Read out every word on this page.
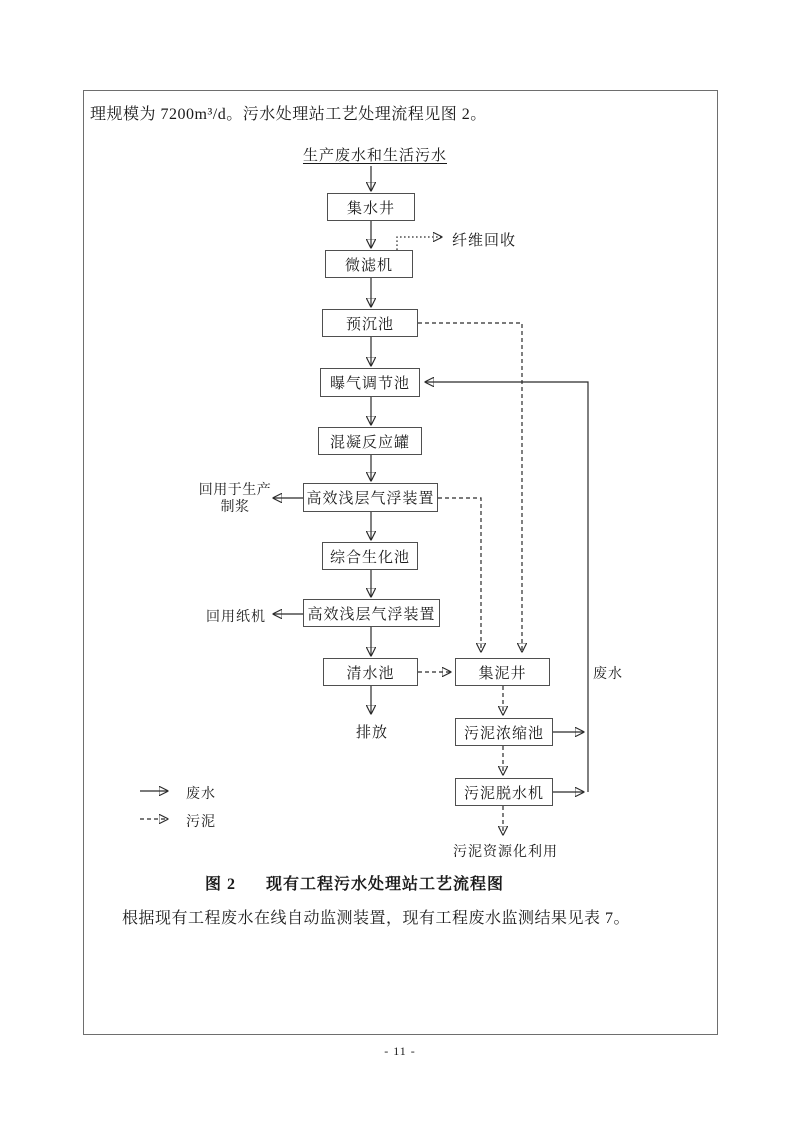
理规模为 7200m³/d。污水处理站工艺处理流程见图 2。
生产废水和生活污水
集水井
微滤机
预沉池
曝气调节池
混凝反应罐
高效浅层气浮装置
综合生化池
高效浅层气浮装置
清水池	集泥井
污泥浓缩池
污泥脱水机
纤维回收
回用于生产
制浆
回用纸机
排放
废水
污泥资源化利用
废水
污泥
图 2 现有工程污水处理站工艺流程图
根据现有工程废水在线自动监测装置，现有工程废水监测结果见表 7。
- 11 -
